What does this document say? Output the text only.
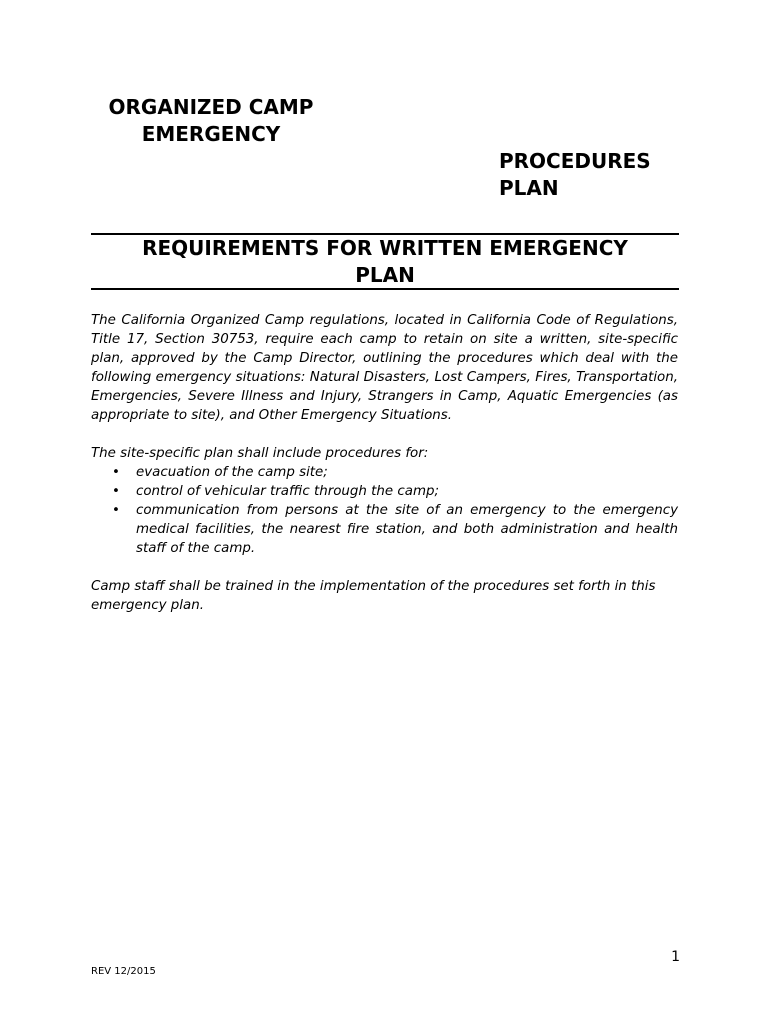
ORGANIZED CAMP
EMERGENCY
PROCEDURES
PLAN
REQUIREMENTS FOR WRITTEN EMERGENCY
PLAN

The California Organized Camp regulations, located in California Code of Regulations, Title 17, Section 30753, require each camp to retain on site a written, site-specific plan, approved by the Camp Director, outlining the procedures which deal with the following emergency situations: Natural Disasters, Lost Campers, Fires, Transportation, Emergencies, Severe Illness and Injury, Strangers in Camp, Aquatic Emergencies (as appropriate to site), and Other Emergency Situations.

The site-specific plan shall include procedures for:

• evacuation of the camp site;
• control of vehicular traffic through the camp;
• communication from persons at the site of an emergency to the emergency medical facilities, the nearest fire station, and both administration and health staff of the camp.

Camp staff shall be trained in the implementation of the procedures set forth in this emergency plan.

1
REV 12/2015
